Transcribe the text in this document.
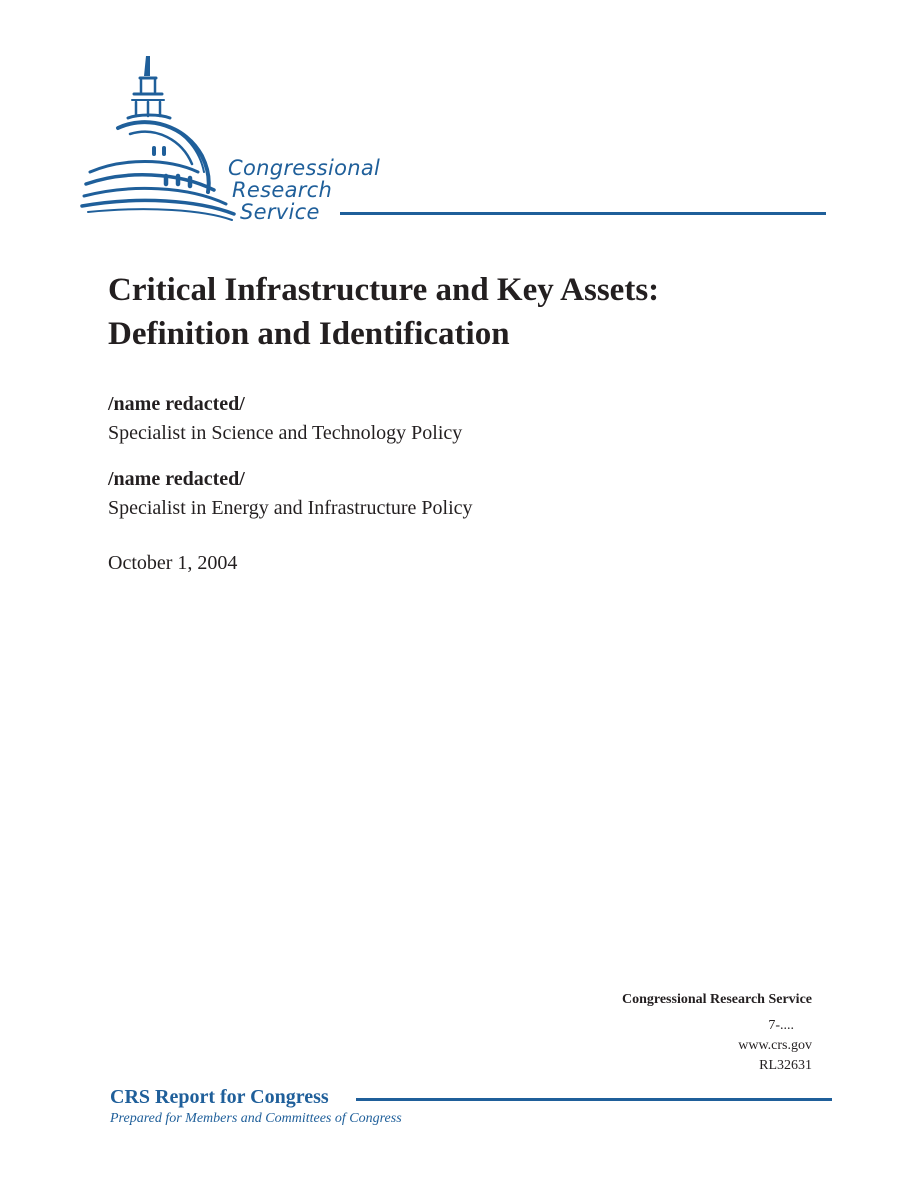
Congressional
Research
Service
Critical Infrastructure and Key Assets:
Definition and Identification
/name redacted/
Specialist in Science and Technology Policy
/name redacted/
Specialist in Energy and Infrastructure Policy
October 1, 2004
Congressional Research Service
7-....
www.crs.gov
RL32631
CRS Report for Congress
Prepared for Members and Committees of Congress
